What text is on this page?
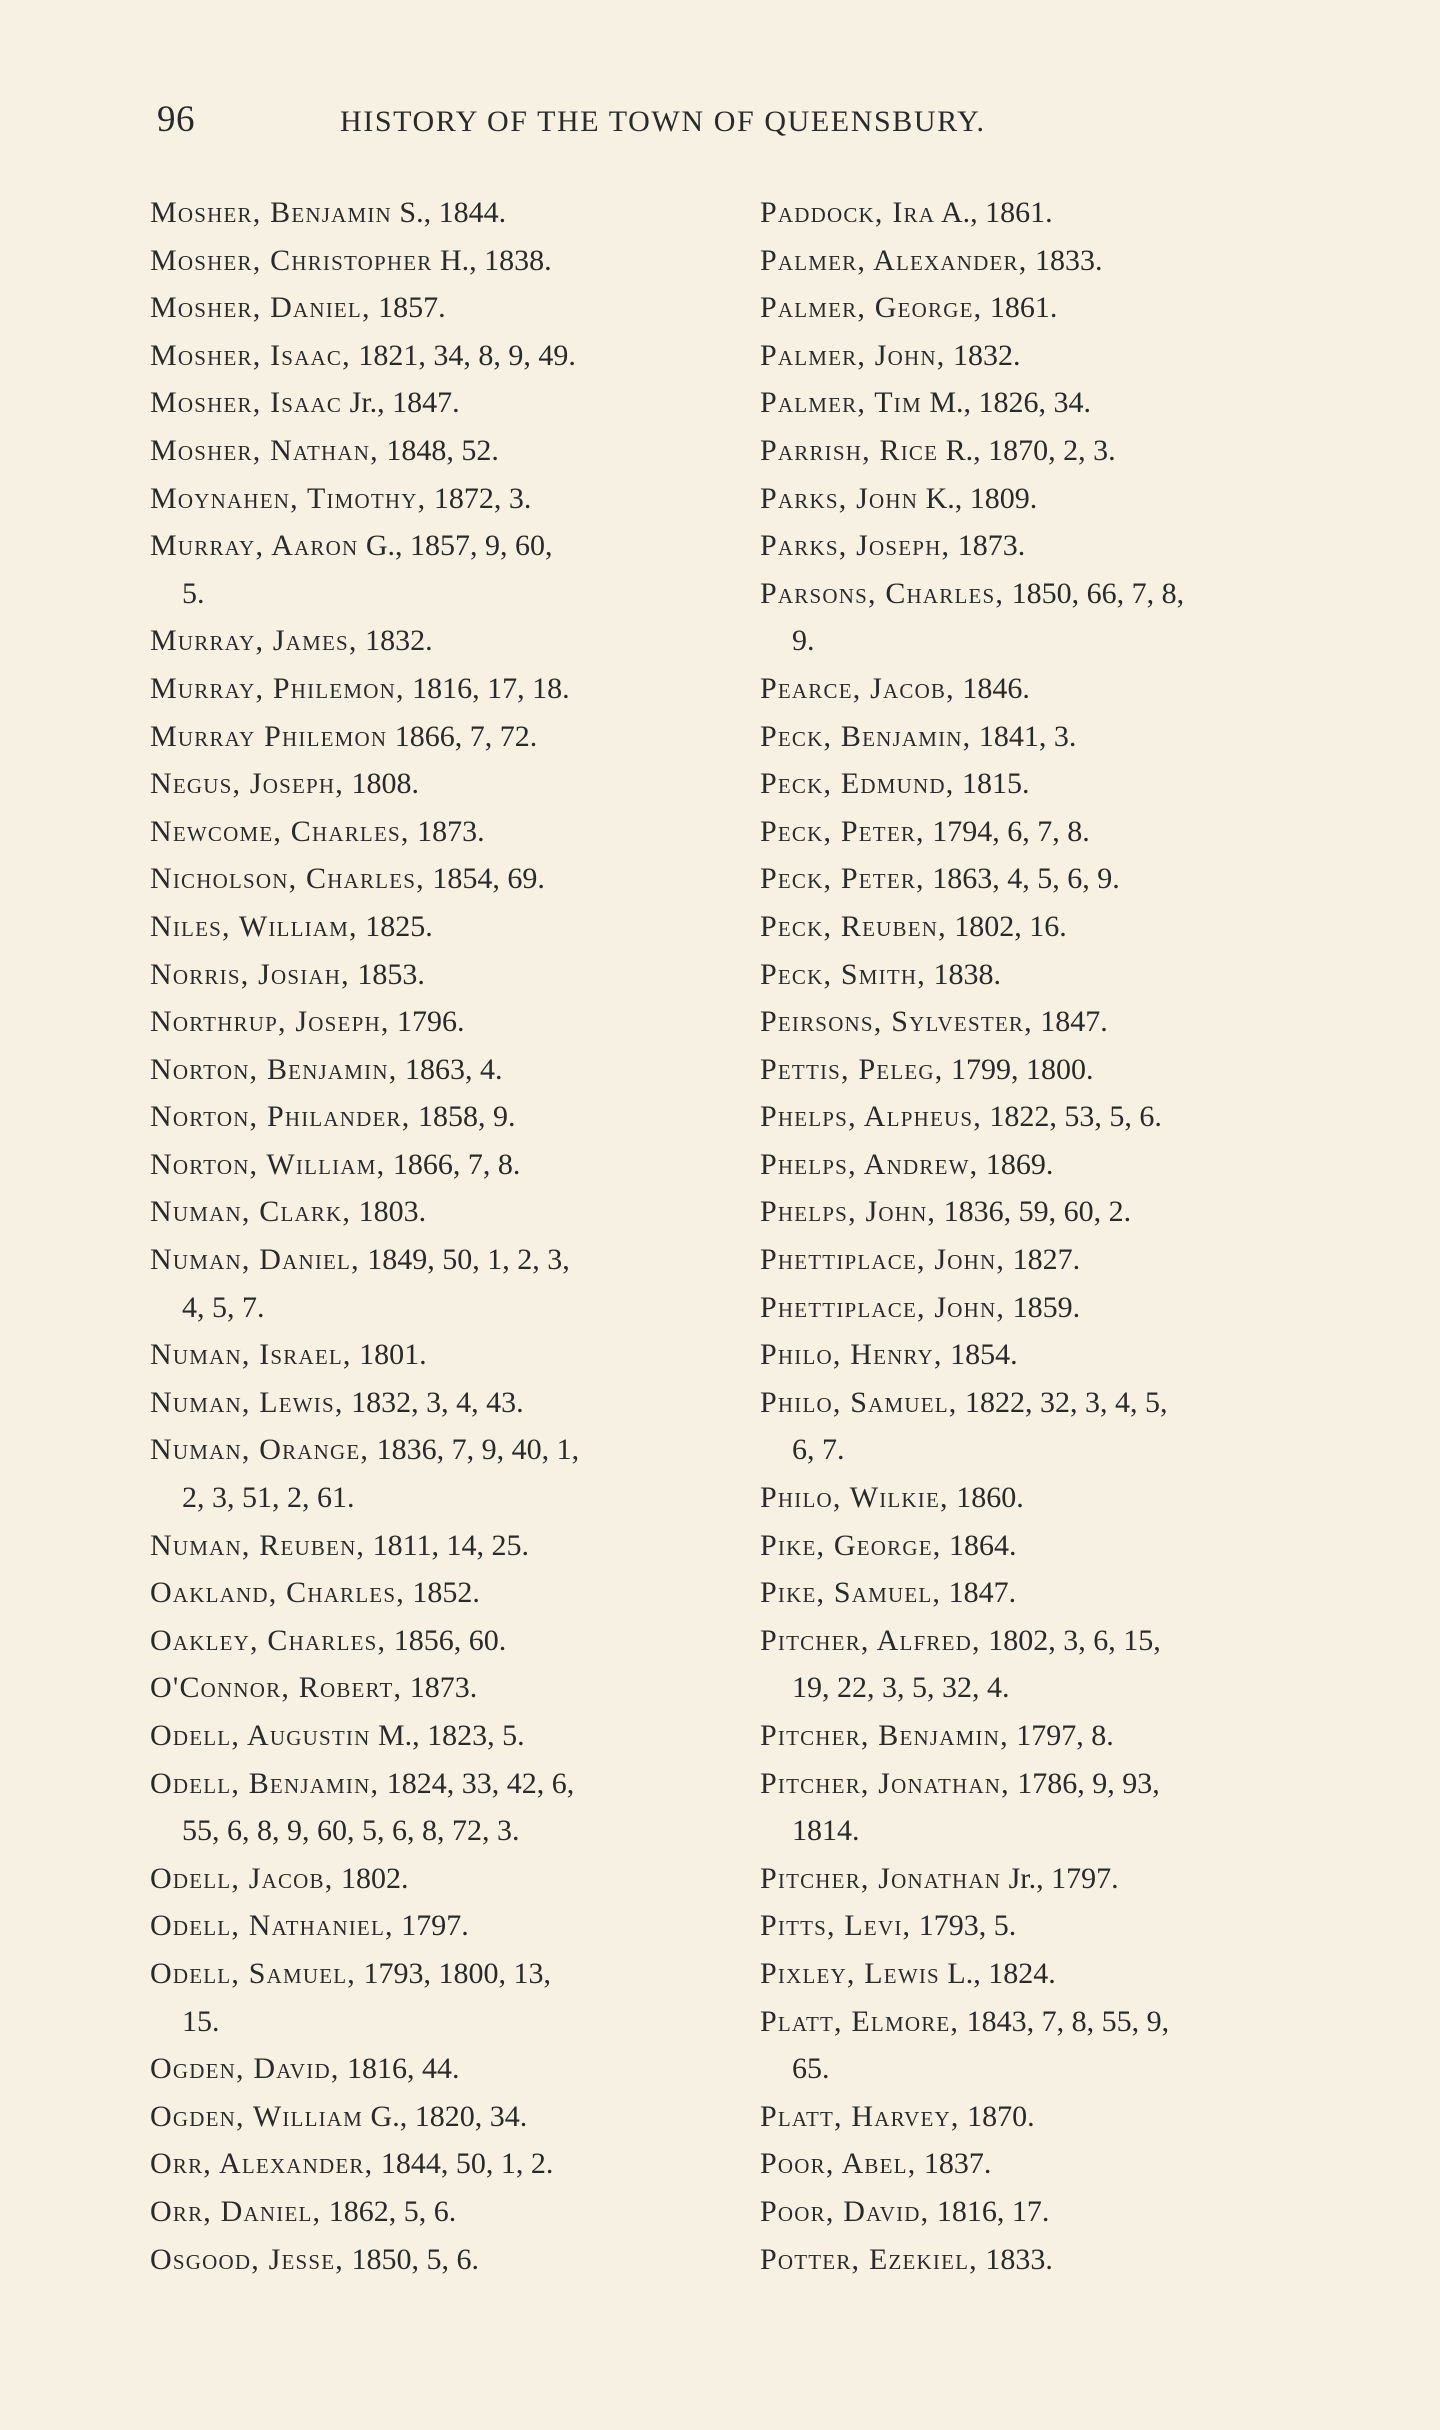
96	HISTORY OF THE TOWN OF QUEENSBURY.
Mosher, Benjamin S., 1844.
Mosher, Christopher H., 1838.
Mosher, Daniel, 1857.
Mosher, Isaac, 1821, 34, 8, 9, 49.
Mosher, Isaac Jr., 1847.
Mosher, Nathan, 1848, 52.
Moynahen, Timothy, 1872, 3.
Murray, Aaron G., 1857, 9, 60,
5.
Murray, James, 1832.
Murray, Philemon, 1816, 17, 18.
Murray Philemon 1866, 7, 72.
Negus, Joseph, 1808.
Newcome, Charles, 1873.
Nicholson, Charles, 1854, 69.
Niles, William, 1825.
Norris, Josiah, 1853.
Northrup, Joseph, 1796.
Norton, Benjamin, 1863, 4.
Norton, Philander, 1858, 9.
Norton, William, 1866, 7, 8.
Numan, Clark, 1803.
Numan, Daniel, 1849, 50, 1, 2, 3,
4, 5, 7.
Numan, Israel, 1801.
Numan, Lewis, 1832, 3, 4, 43.
Numan, Orange, 1836, 7, 9, 40, 1,
2, 3, 51, 2, 61.
Numan, Reuben, 1811, 14, 25.
Oakland, Charles, 1852.
Oakley, Charles, 1856, 60.
O'Connor, Robert, 1873.
Odell, Augustin M., 1823, 5.
Odell, Benjamin, 1824, 33, 42, 6,
55, 6, 8, 9, 60, 5, 6, 8, 72, 3.
Odell, Jacob, 1802.
Odell, Nathaniel, 1797.
Odell, Samuel, 1793, 1800, 13,
15.
Ogden, David, 1816, 44.
Ogden, William G., 1820, 34.
Orr, Alexander, 1844, 50, 1, 2.
Orr, Daniel, 1862, 5, 6.
Osgood, Jesse, 1850, 5, 6.
Paddock, Ira A., 1861.
Palmer, Alexander, 1833.
Palmer, George, 1861.
Palmer, John, 1832.
Palmer, Tim M., 1826, 34.
Parrish, Rice R., 1870, 2, 3.
Parks, John K., 1809.
Parks, Joseph, 1873.
Parsons, Charles, 1850, 66, 7, 8,
9.
Pearce, Jacob, 1846.
Peck, Benjamin, 1841, 3.
Peck, Edmund, 1815.
Peck, Peter, 1794, 6, 7, 8.
Peck, Peter, 1863, 4, 5, 6, 9.
Peck, Reuben, 1802, 16.
Peck, Smith, 1838.
Peirsons, Sylvester, 1847.
Pettis, Peleg, 1799, 1800.
Phelps, Alpheus, 1822, 53, 5, 6.
Phelps, Andrew, 1869.
Phelps, John, 1836, 59, 60, 2.
Phettiplace, John, 1827.
Phettiplace, John, 1859.
Philo, Henry, 1854.
Philo, Samuel, 1822, 32, 3, 4, 5,
6, 7.
Philo, Wilkie, 1860.
Pike, George, 1864.
Pike, Samuel, 1847.
Pitcher, Alfred, 1802, 3, 6, 15,
19, 22, 3, 5, 32, 4.
Pitcher, Benjamin, 1797, 8.
Pitcher, Jonathan, 1786, 9, 93,
1814.
Pitcher, Jonathan Jr., 1797.
Pitts, Levi, 1793, 5.
Pixley, Lewis L., 1824.
Platt, Elmore, 1843, 7, 8, 55, 9,
65.
Platt, Harvey, 1870.
Poor, Abel, 1837.
Poor, David, 1816, 17.
Potter, Ezekiel, 1833.
